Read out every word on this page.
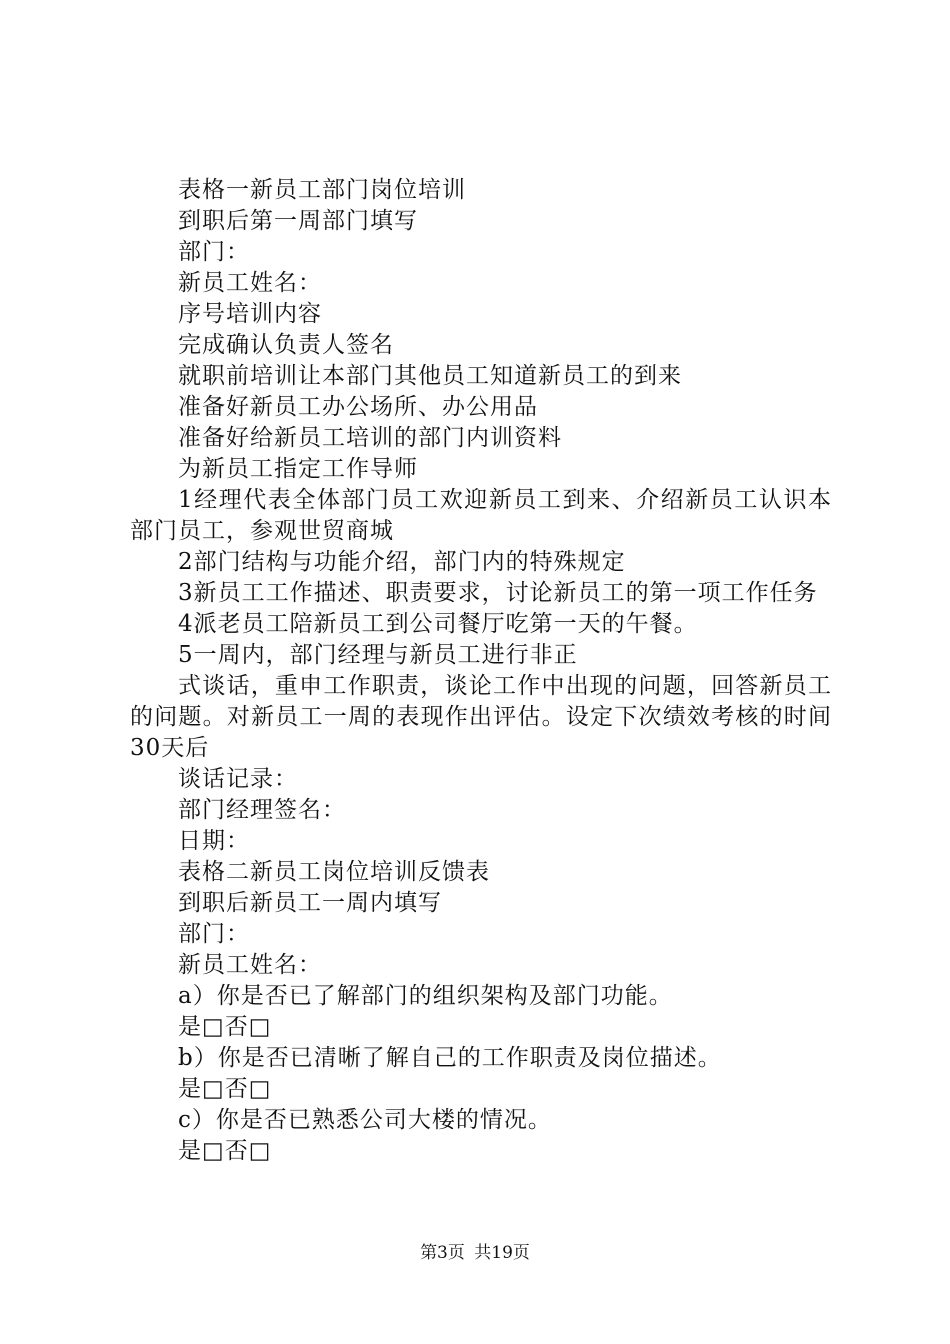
表格一新员工部门岗位培训
到职后第一周部门填写
部门：
新员工姓名：
序号培训内容
完成确认负责人签名
就职前培训让本部门其他员工知道新员工的到来
准备好新员工办公场所、办公用品
准备好给新员工培训的部门内训资料
为新员工指定工作导师
1经理代表全体部门员工欢迎新员工到来、介绍新员工认识本部门员工，参观世贸商城
2部门结构与功能介绍，部门内的特殊规定
3新员工工作描述、职责要求，讨论新员工的第一项工作任务
4派老员工陪新员工到公司餐厅吃第一天的午餐。
5一周内，部门经理与新员工进行非正
式谈话，重申工作职责，谈论工作中出现的问题，回答新员工的问题。对新员工一周的表现作出评估。设定下次绩效考核的时间30天后
谈话记录：
部门经理签名：
日期：
表格二新员工岗位培训反馈表
到职后新员工一周内填写
部门：
新员工姓名：
a）你是否已了解部门的组织架构及部门功能。
是□否□
b）你是否已清晰了解自己的工作职责及岗位描述。
是□否□
c）你是否已熟悉公司大楼的情况。
是□否□
第3页 共19页
